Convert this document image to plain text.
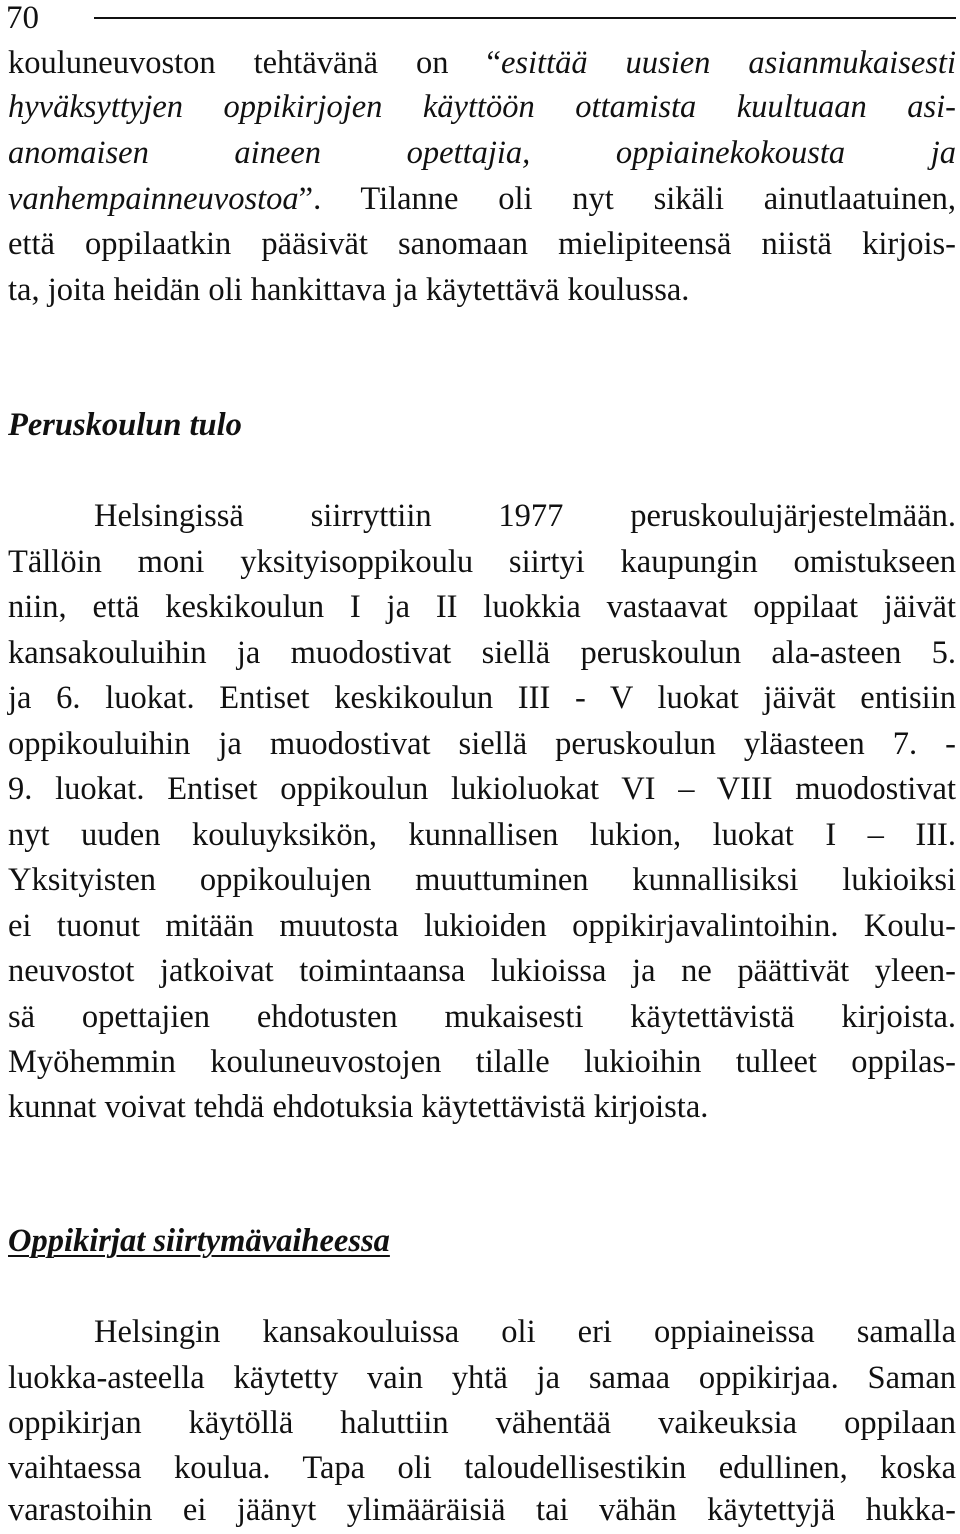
70
kouluneuvoston tehtävänä on “esittää uusien asianmukaisesti
hyväksyttyjen oppikirjojen käyttöön ottamista kuultuaan asi-
anomaisen aineen opettajia, oppiainekokousta ja
vanhempainneuvostoa”. Tilanne oli nyt sikäli ainutlaatuinen,
että oppilaatkin pääsivät sanomaan mielipiteensä niistä kirjois-
ta, joita heidän oli hankittava ja käytettävä koulussa.
Peruskoulun tulo
Helsingissä siirryttiin 1977 peruskoulujärjestelmään.
Tällöin moni yksityisoppikoulu siirtyi kaupungin omistukseen
niin, että keskikoulun I ja II luokkia vastaavat oppilaat jäivät
kansakouluihin ja muodostivat siellä peruskoulun ala-asteen 5.
ja 6. luokat. Entiset keskikoulun III - V luokat jäivät entisiin
oppikouluihin ja muodostivat siellä peruskoulun yläasteen 7. -
9. luokat. Entiset oppikoulun lukioluokat VI – VIII muodostivat
nyt uuden kouluyksikön, kunnallisen lukion, luokat I – III.
Yksityisten oppikoulujen muuttuminen kunnallisiksi lukioiksi
ei tuonut mitään muutosta lukioiden oppikirjavalintoihin. Koulu-
neuvostot jatkoivat toimintaansa lukioissa ja ne päättivät yleen-
sä opettajien ehdotusten mukaisesti käytettävistä kirjoista.
Myöhemmin kouluneuvostojen tilalle lukioihin tulleet oppilas-
kunnat voivat tehdä ehdotuksia käytettävistä kirjoista.
Oppikirjat siirtymävaiheessa
Helsingin kansakouluissa oli eri oppiaineissa samalla
luokka-asteella käytetty vain yhtä ja samaa oppikirjaa. Saman
oppikirjan käytöllä haluttiin vähentää vaikeuksia oppilaan
vaihtaessa koulua. Tapa oli taloudellisestikin edullinen, koska
varastoihin ei jäänyt ylimääräisiä tai vähän käytettyjä hukka-
